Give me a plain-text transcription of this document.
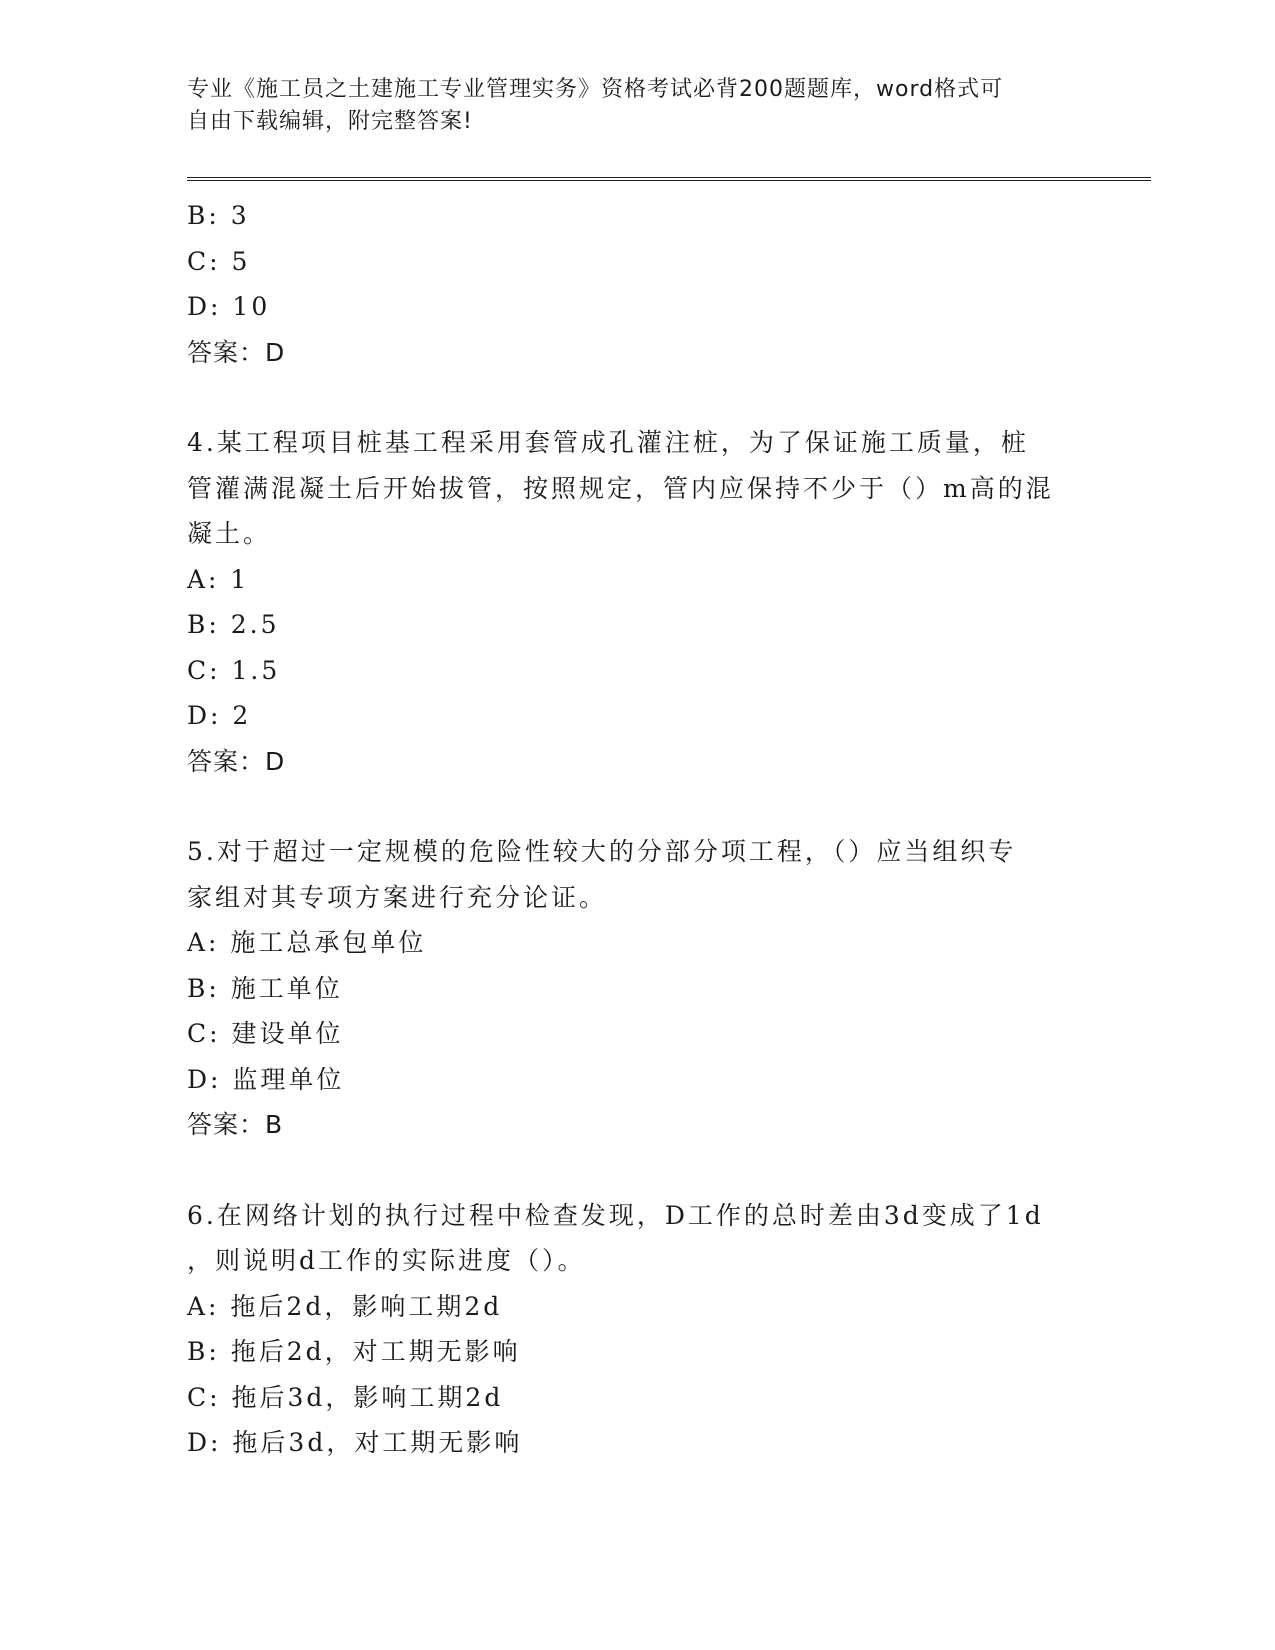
专业《施工员之土建施工专业管理实务》资格考试必背200题题库，word格式可
自由下载编辑，附完整答案!
B: 3
C: 5
D: 10
答案：D
4.某工程项目桩基工程采用套管成孔灌注桩，为了保证施工质量，桩
管灌满混凝土后开始拔管，按照规定，管内应保持不少于（）m高的混
凝土。
A: 1
B: 2.5
C: 1.5
D: 2
答案：D
5.对于超过一定规模的危险性较大的分部分项工程，（）应当组织专
家组对其专项方案进行充分论证。
A: 施工总承包单位
B: 施工单位
C: 建设单位
D: 监理单位
答案：B
6.在网络计划的执行过程中检查发现，D工作的总时差由3d变成了1d
，则说明d工作的实际进度（）。
A: 拖后2d，影响工期2d
B: 拖后2d，对工期无影响
C: 拖后3d，影响工期2d
D: 拖后3d，对工期无影响
